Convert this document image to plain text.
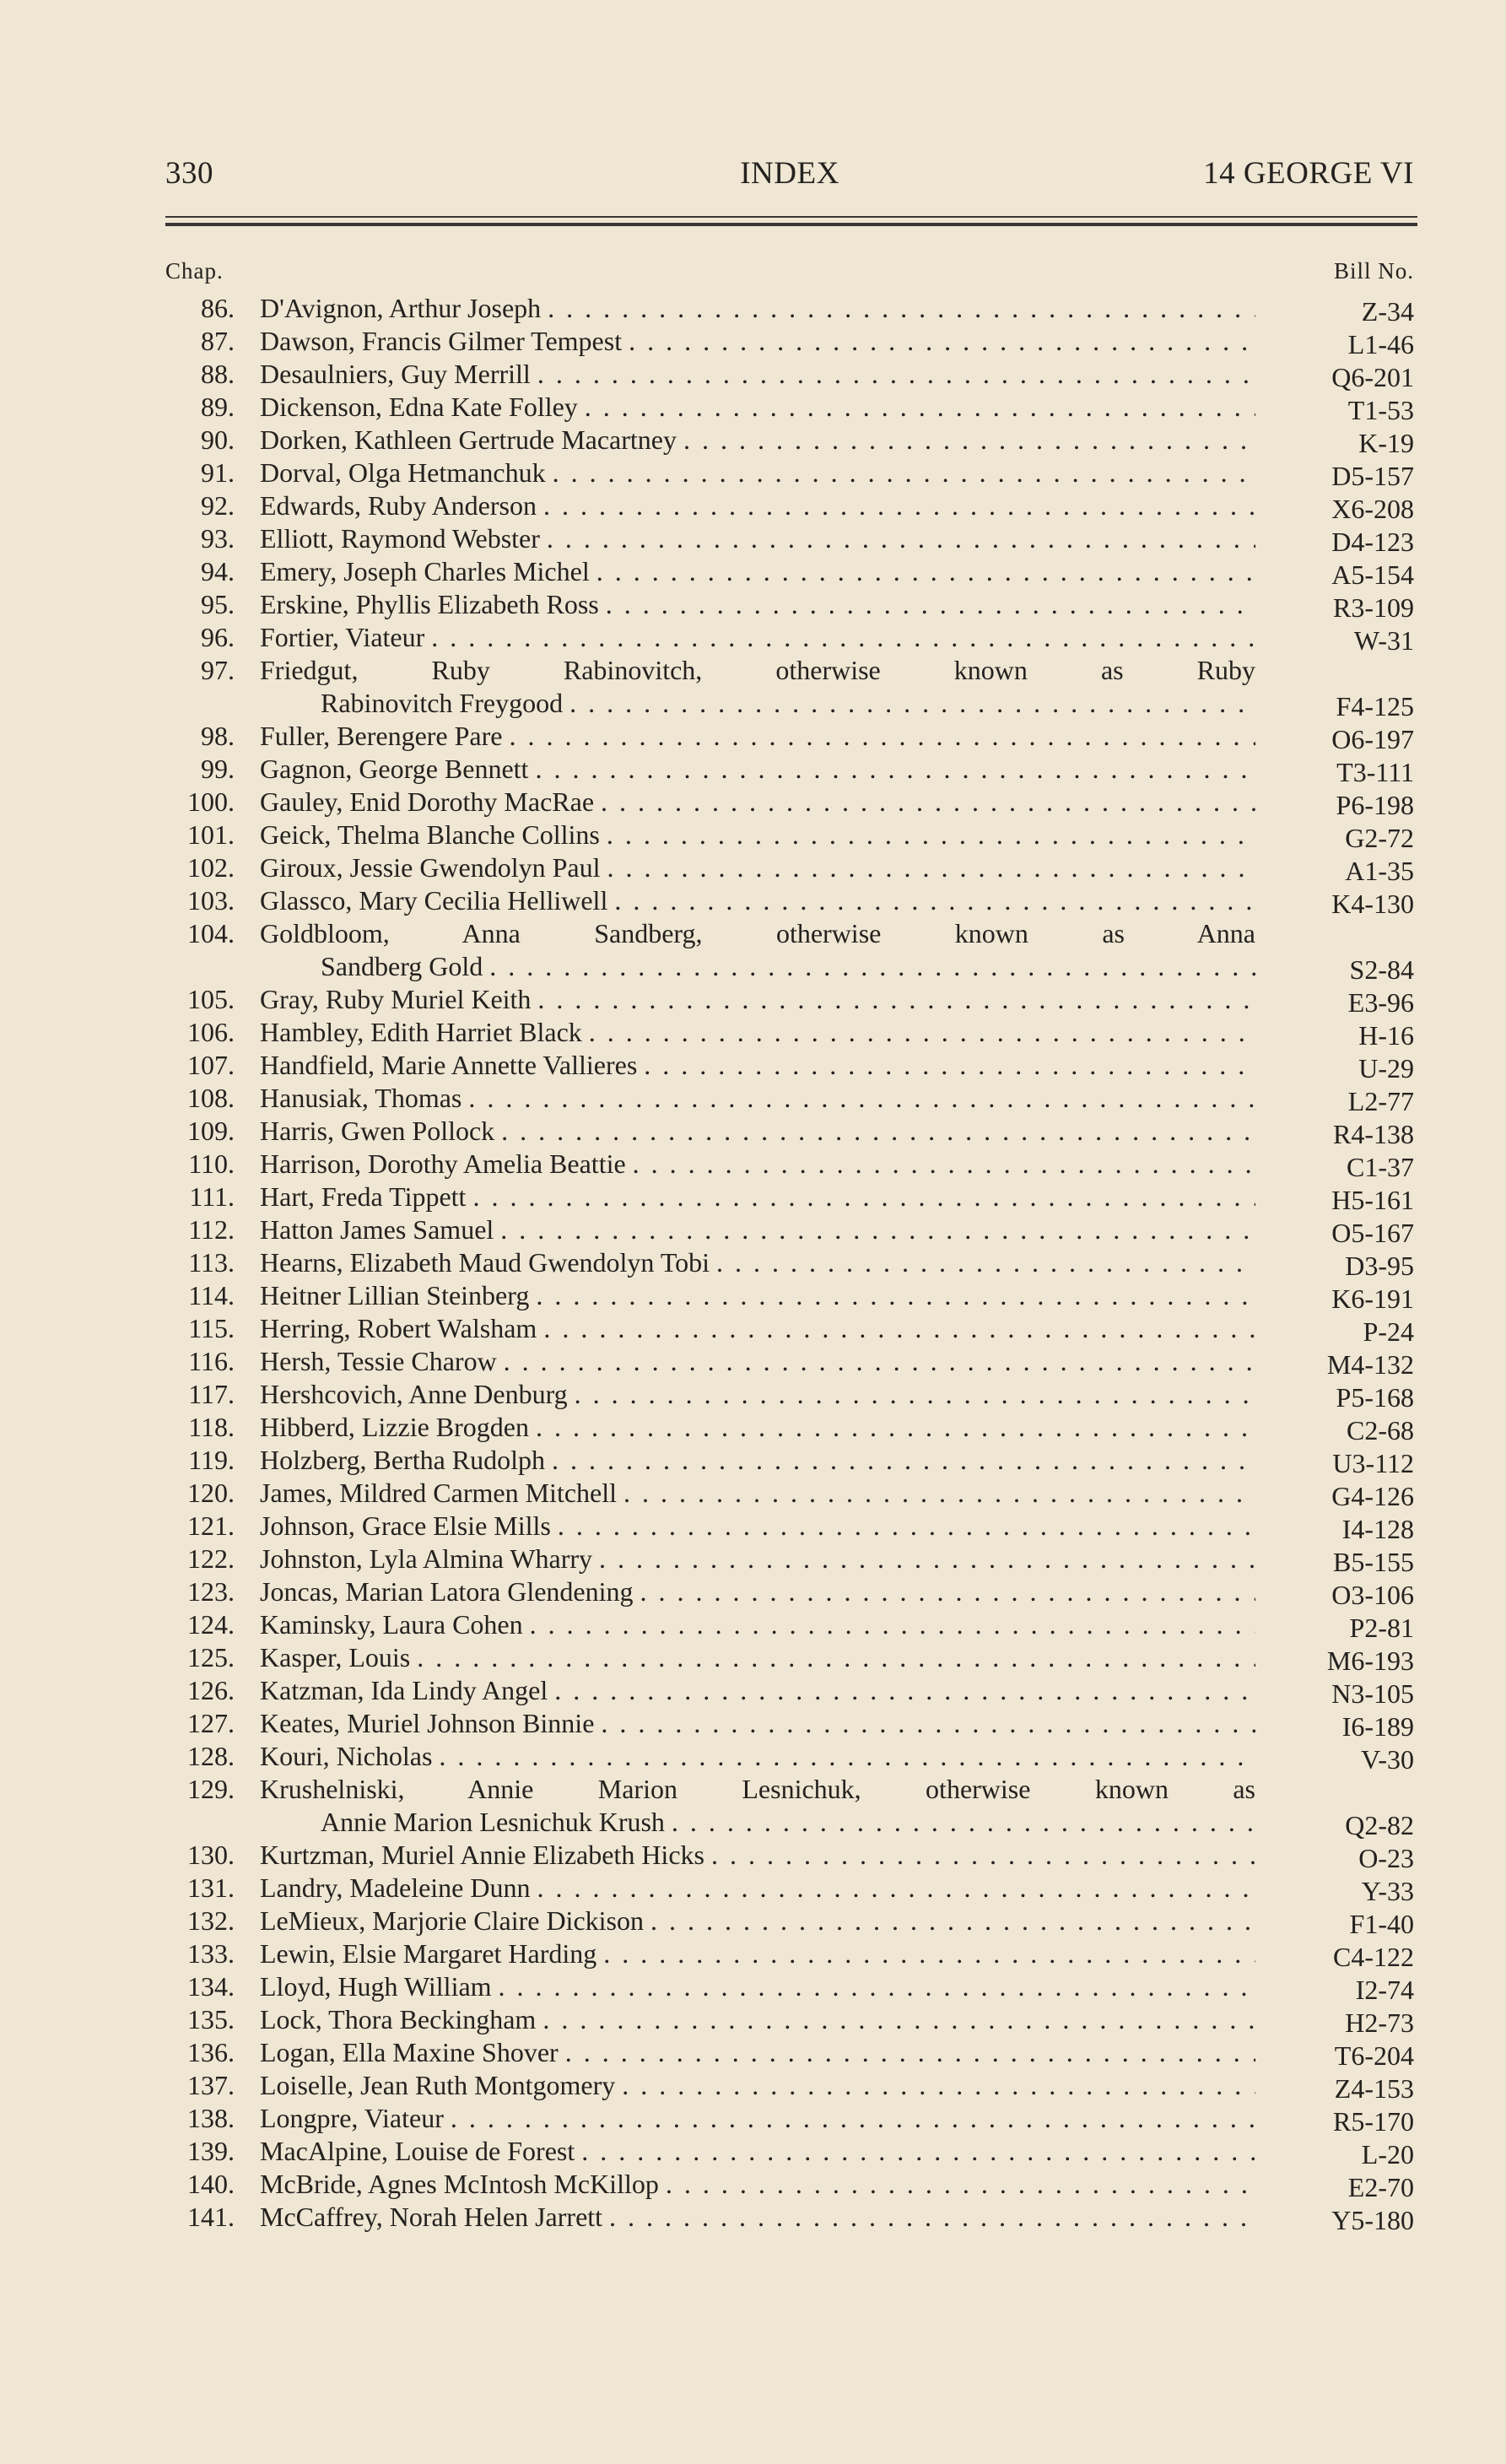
330	INDEX	14 GEORGE VI
Chap.	Bill No.
86. D'Avignon, Arthur Joseph . . .	Z-34
87. Dawson, Francis Gilmer Tempest . . .	L1-46
88. Desaulniers, Guy Merrill . . .	Q6-201
89. Dickenson, Edna Kate Folley . . .	T1-53
90. Dorken, Kathleen Gertrude Macartney . . .	K-19
91. Dorval, Olga Hetmanchuk . . .	D5-157
92. Edwards, Ruby Anderson . . .	X6-208
93. Elliott, Raymond Webster . . .	D4-123
94. Emery, Joseph Charles Michel . . .	A5-154
95. Erskine, Phyllis Elizabeth Ross . . .	R3-109
96. Fortier, Viateur . . .	W-31
97. Friedgut, Ruby Rabinovitch, otherwise known as Ruby
Rabinovitch Freygood . . .	F4-125
98. Fuller, Berengere Pare . . .	O6-197
99. Gagnon, George Bennett . . .	T3-111
100. Gauley, Enid Dorothy MacRae . . .	P6-198
101. Geick, Thelma Blanche Collins . . .	G2-72
102. Giroux, Jessie Gwendolyn Paul . . .	A1-35
103. Glassco, Mary Cecilia Helliwell . . .	K4-130
104. Goldbloom, Anna Sandberg, otherwise known as Anna
Sandberg Gold . . .	S2-84
105. Gray, Ruby Muriel Keith . . .	E3-96
106. Hambley, Edith Harriet Black . . .	H-16
107. Handfield, Marie Annette Vallieres . . .	U-29
108. Hanusiak, Thomas . . .	L2-77
109. Harris, Gwen Pollock . . .	R4-138
110. Harrison, Dorothy Amelia Beattie . . .	C1-37
111. Hart, Freda Tippett . . .	H5-161
112. Hatton James Samuel . . .	O5-167
113. Hearns, Elizabeth Maud Gwendolyn Tobi . . .	D3-95
114. Heitner Lillian Steinberg . . .	K6-191
115. Herring, Robert Walsham . . .	P-24
116. Hersh, Tessie Charow . . .	M4-132
117. Hershcovich, Anne Denburg . . .	P5-168
118. Hibberd, Lizzie Brogden . . .	C2-68
119. Holzberg, Bertha Rudolph . . .	U3-112
120. James, Mildred Carmen Mitchell . . .	G4-126
121. Johnson, Grace Elsie Mills . . .	I4-128
122. Johnston, Lyla Almina Wharry . . .	B5-155
123. Joncas, Marian Latora Glendening . . .	O3-106
124. Kaminsky, Laura Cohen . . .	P2-81
125. Kasper, Louis . . .	M6-193
126. Katzman, Ida Lindy Angel . . .	N3-105
127. Keates, Muriel Johnson Binnie . . .	I6-189
128. Kouri, Nicholas . . .	V-30
129. Krushelniski, Annie Marion Lesnichuk, otherwise known as
Annie Marion Lesnichuk Krush . . .	Q2-82
130. Kurtzman, Muriel Annie Elizabeth Hicks . . .	O-23
131. Landry, Madeleine Dunn . . .	Y-33
132. LeMieux, Marjorie Claire Dickison . . .	F1-40
133. Lewin, Elsie Margaret Harding . . .	C4-122
134. Lloyd, Hugh William . . .	I2-74
135. Lock, Thora Beckingham . . .	H2-73
136. Logan, Ella Maxine Shover . . .	T6-204
137. Loiselle, Jean Ruth Montgomery . . .	Z4-153
138. Longpre, Viateur . . .	R5-170
139. MacAlpine, Louise de Forest . . .	L-20
140. McBride, Agnes McIntosh McKillop . . .	E2-70
141. McCaffrey, Norah Helen Jarrett . . .	Y5-180
